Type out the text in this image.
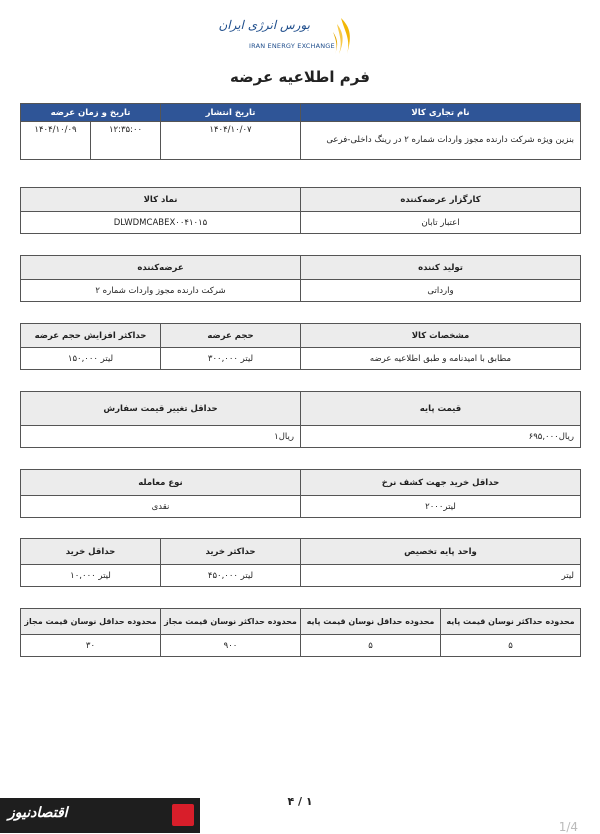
بورس انرژی ایران
IRAN ENERGY EXCHANGE
فرم اطلاعیه عرضه
نام تجاری کالا	تاریخ انتشار	تاریخ و زمان عرضه	
بنزین ویژه شرکت دارنده مجوز واردات شماره ۲ در رینگ داخلی-فرعی	۱۴۰۴/۱۰/۰۷	۱۲:۳۵:۰۰	۱۴۰۴/۱۰/۰۹
کارگزار عرضه‌کننده	نماد کالا
اعتبار تابان	DLWDMCABEX۰۰۴۱۰۱۵
تولید کننده	عرضه‌کننده
وارداتی	شرکت دارنده مجوز واردات شماره ۲
مشخصات کالا	حجم عرضه	حداکثر افزایش حجم عرضه
مطابق با امیدنامه و طبق اطلاعیه عرضه	لیتر ۳۰۰,۰۰۰	لیتر ۱۵۰,۰۰۰
قیمت پایه	حداقل تغییر قیمت سفارش
ریال۶۹۵,۰۰۰	ریال۱
حداقل خرید جهت کشف نرخ	نوع معامله
لیتر۲۰۰۰	نقدی
واحد پایه تخصیص	حداکثر خرید	حداقل خرید
لیتر	لیتر ۴۵۰,۰۰۰	لیتر ۱۰,۰۰۰
محدوده حداکثر نوسان قیمت پایه	محدوده حداقل نوسان قیمت پایه	محدوده حداکثر نوسان قیمت مجاز	محدوده حداقل نوسان قیمت مجاز
۵	۵	۹۰۰	۳۰
۴ / ۱
اقتصادنیوز
1/4
